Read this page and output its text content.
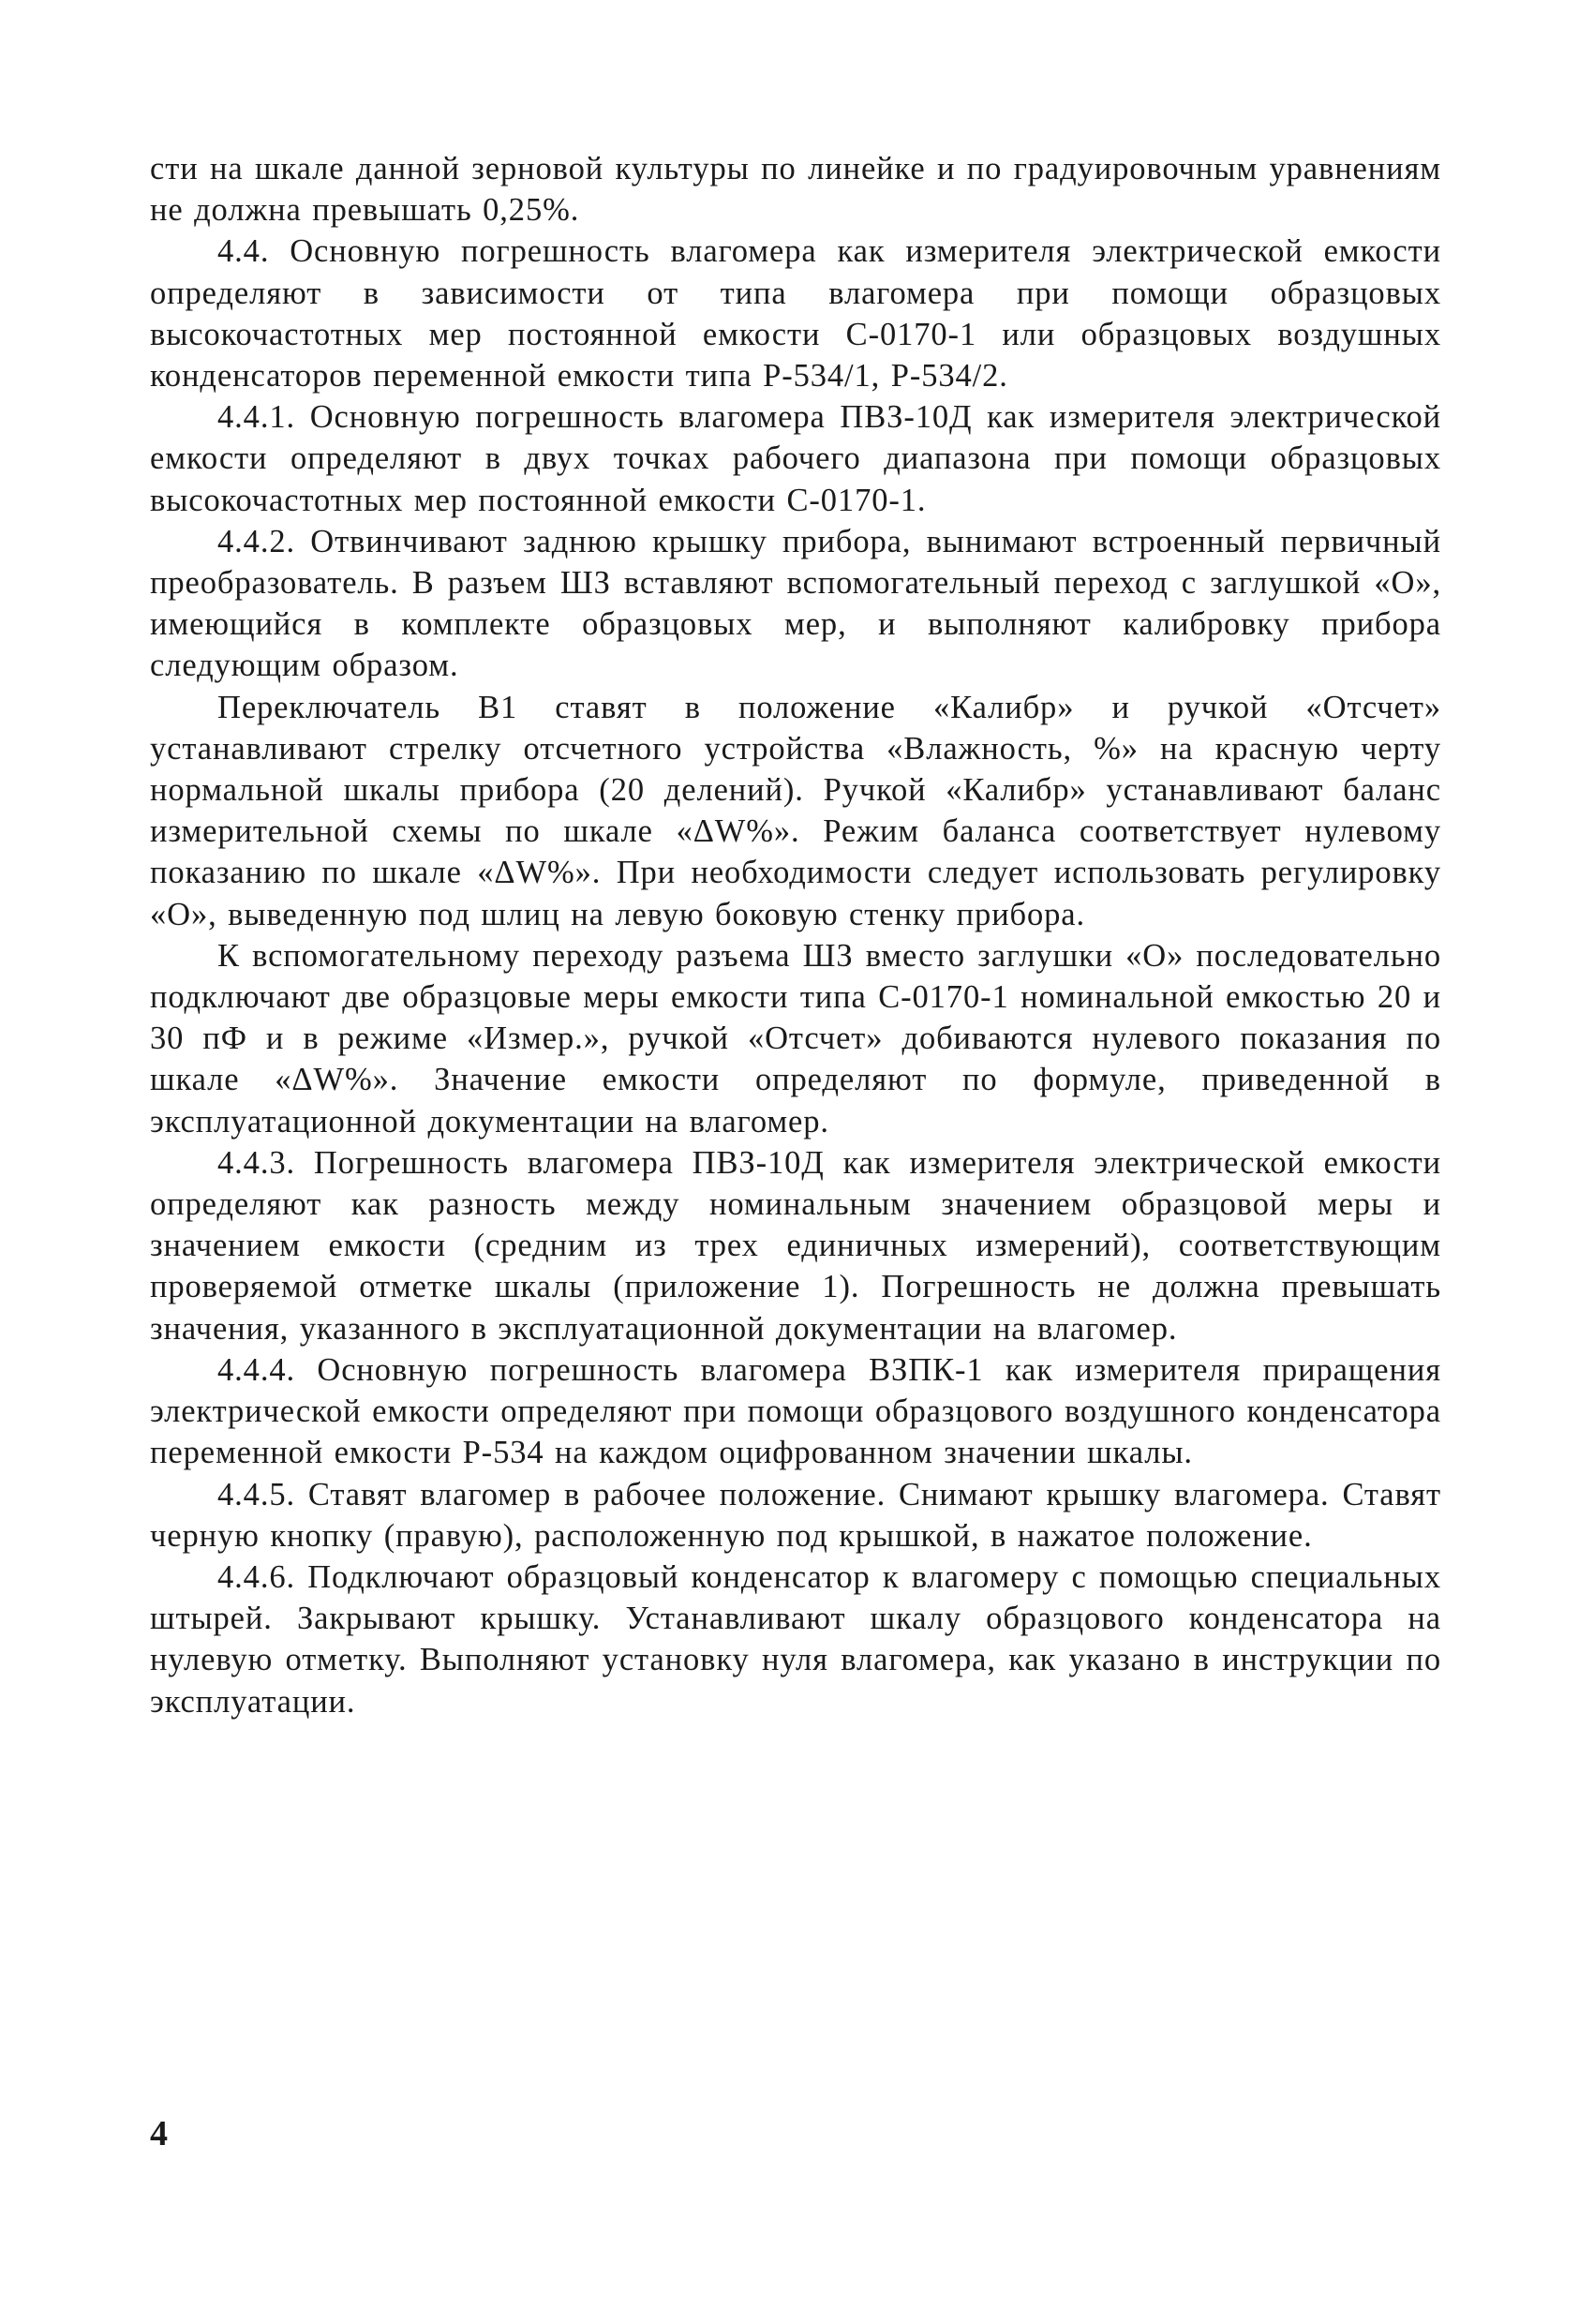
сти на шкале данной зерновой культуры по линейке и по градуировочным уравнениям не должна превышать 0,25%.

4.4. Основную погрешность влагомера как измерителя электрической емкости определяют в зависимости от типа влагомера при помощи образцовых высокочастотных мер постоянной емкости С-0170-1 или образцовых воздушных конденсаторов переменной емкости типа Р-534/1, Р-534/2.

4.4.1. Основную погрешность влагомера ПВЗ-10Д как измерителя электрической емкости определяют в двух точках рабочего диапазона при помощи образцовых высокочастотных мер постоянной емкости С-0170-1.

4.4.2. Отвинчивают заднюю крышку прибора, вынимают встроенный первичный преобразователь. В разъем ШЗ вставляют вспомогательный переход с заглушкой «О», имеющийся в комплекте образцовых мер, и выполняют калибровку прибора следующим образом.

Переключатель В1 ставят в положение «Калибр» и ручкой «Отсчет» устанавливают стрелку отсчетного устройства «Влажность, %» на красную черту нормальной шкалы прибора (20 делений). Ручкой «Калибр» устанавливают баланс измерительной схемы по шкале «ΔW%». Режим баланса соответствует нулевому показанию по шкале «ΔW%». При необходимости следует использовать регулировку «О», выведенную под шлиц на левую боковую стенку прибора.

К вспомогательному переходу разъема ШЗ вместо заглушки «О» последовательно подключают две образцовые меры емкости типа С-0170-1 номинальной емкостью 20 и 30 пФ и в режиме «Измер.», ручкой «Отсчет» добиваются нулевого показания по шкале «ΔW%». Значение емкости определяют по формуле, приведенной в эксплуатационной документации на влагомер.

4.4.3. Погрешность влагомера ПВЗ-10Д как измерителя электрической емкости определяют как разность между номинальным значением образцовой меры и значением емкости (средним из трех единичных измерений), соответствующим проверяемой отметке шкалы (приложение 1). Погрешность не должна превышать значения, указанного в эксплуатационной документации на влагомер.

4.4.4. Основную погрешность влагомера ВЗПК-1 как измерителя приращения электрической емкости определяют при помощи образцового воздушного конденсатора переменной емкости Р-534 на каждом оцифрованном значении шкалы.

4.4.5. Ставят влагомер в рабочее положение. Снимают крышку влагомера. Ставят черную кнопку (правую), расположенную под крышкой, в нажатое положение.

4.4.6. Подключают образцовый конденсатор к влагомеру с помощью специальных штырей. Закрывают крышку. Устанавливают шкалу образцового конденсатора на нулевую отметку. Выполняют установку нуля влагомера, как указано в инструкции по эксплуатации.

4
